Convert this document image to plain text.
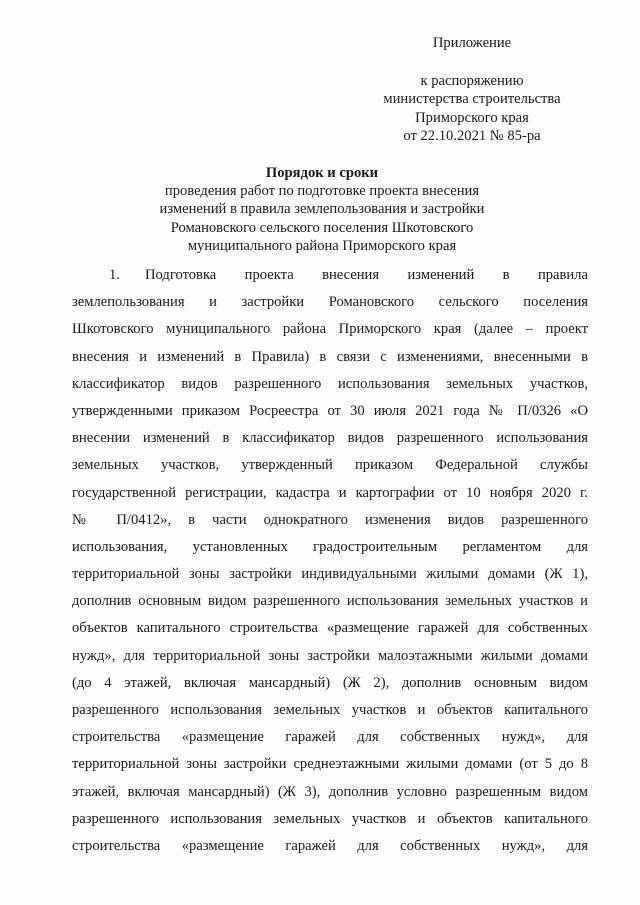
Приложение
к распоряжению
министерства строительства
Приморского края
от 22.10.2021 № 85-ра
Порядок и сроки
проведения работ по подготовке проекта внесения
изменений в правила землепользования и застройки
Романовского сельского поселения Шкотовского
муниципального района Приморского края
1. Подготовка проекта внесения изменений в правила
землепользования и застройки Романовского сельского поселения
Шкотовского муниципального района Приморского края (далее – проект
внесения и изменений в Правила) в связи с изменениями, внесенными в
классификатор видов разрешенного использования земельных участков,
утвержденными приказом Росреестра от 30 июля 2021 года № П/0326 «О
внесении изменений в классификатор видов разрешенного использования
земельных участков, утвержденный приказом Федеральной службы
государственной регистрации, кадастра и картографии от 10 ноября 2020 г.
№ П/0412», в части однократного изменения видов разрешенного
использования, установленных градостроительным регламентом для
территориальной зоны застройки индивидуальными жилыми домами (Ж 1),
дополнив основным видом разрешенного использования земельных участков и
объектов капитального строительства «размещение гаражей для собственных
нужд», для территориальной зоны застройки малоэтажными жилыми домами
(до 4 этажей, включая мансардный) (Ж 2), дополнив основным видом
разрешенного использования земельных участков и объектов капитального
строительства «размещение гаражей для собственных нужд», для
территориальной зоны застройки среднеэтажными жилыми домами (от 5 до 8
этажей, включая мансардный) (Ж 3), дополнив условно разрешенным видом
разрешенного использования земельных участков и объектов капитального
строительства «размещение гаражей для собственных нужд», для
